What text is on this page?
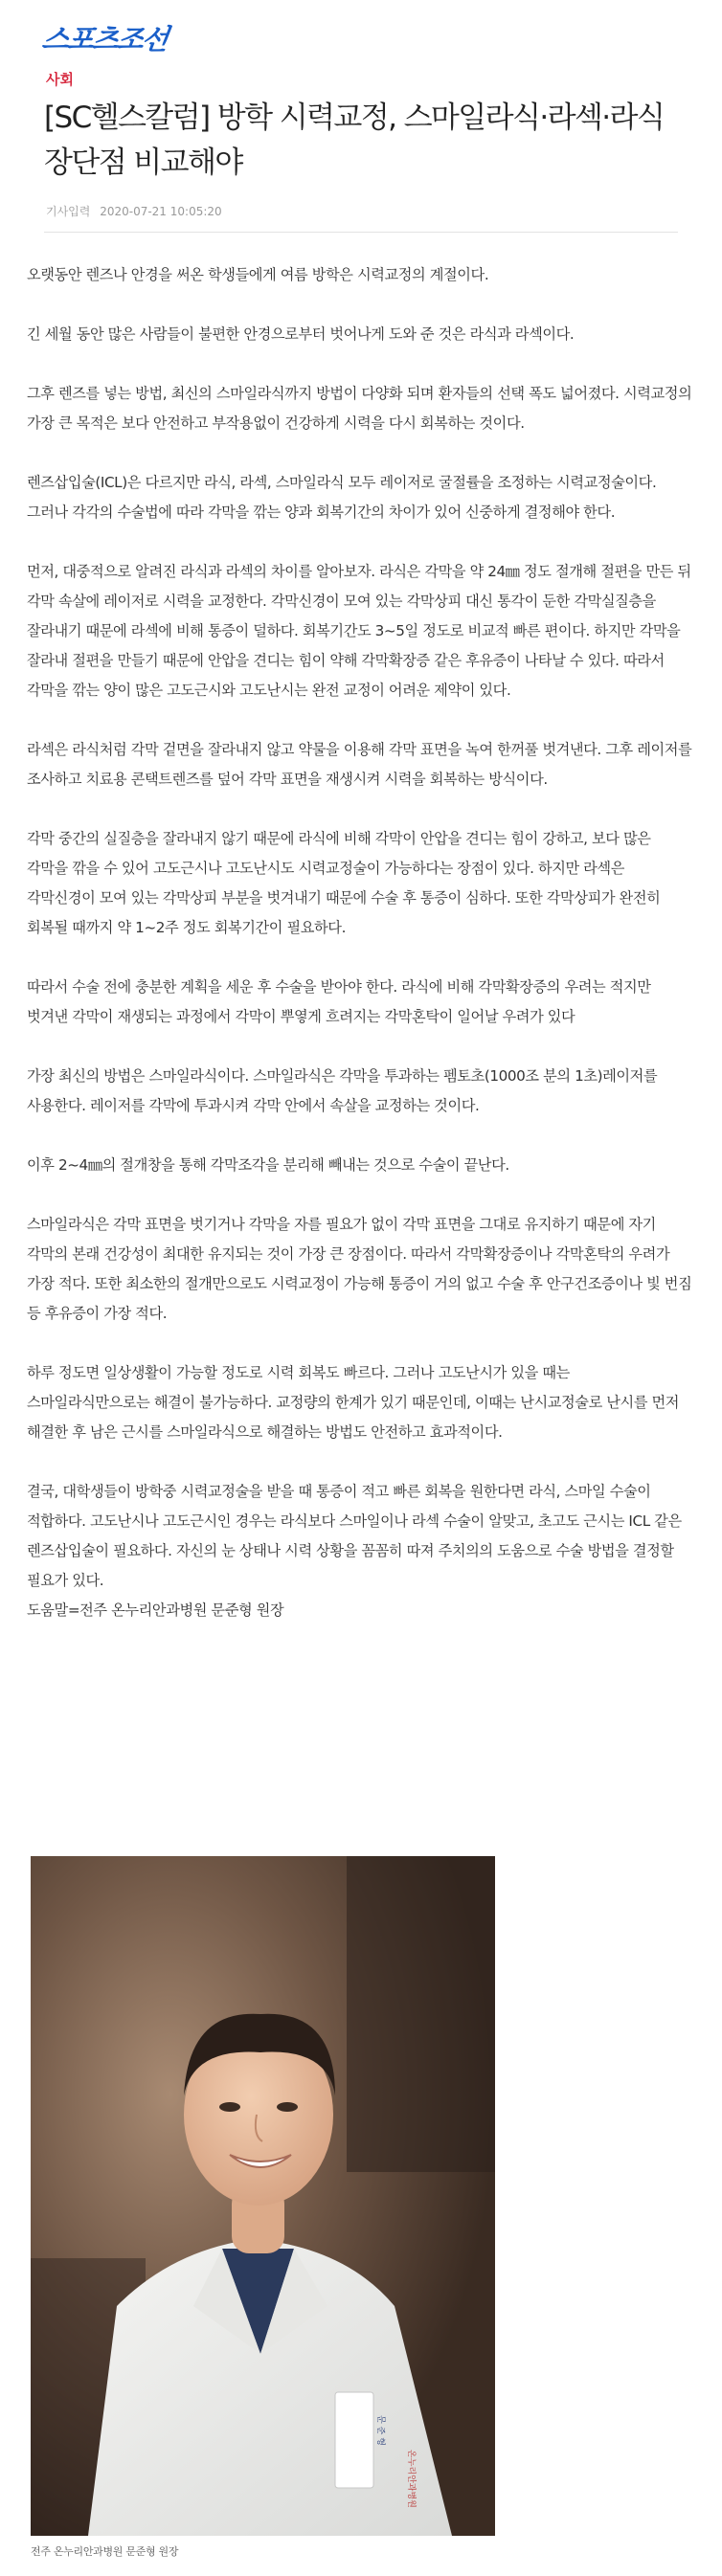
스포츠조선
사회
[SC헬스칼럼] 방학 시력교정, 스마일라식·라섹·라식 장단점 비교해야
기사입력 2020-07-21 10:05:20

오랫동안 렌즈나 안경을 써온 학생들에게 여름 방학은 시력교정의 계절이다.

긴 세월 동안 많은 사람들이 불편한 안경으로부터 벗어나게 도와 준 것은 라식과 라섹이다.

그후 렌즈를 넣는 방법, 최신의 스마일라식까지 방법이 다양화 되며 환자들의 선택 폭도 넓어졌다. 시력교정의 가장 큰 목적은 보다 안전하고 부작용없이 건강하게 시력을 다시 회복하는 것이다.

렌즈삽입술(ICL)은 다르지만 라식, 라섹, 스마일라식 모두 레이저로 굴절률을 조정하는 시력교정술이다.
그러나 각각의 수술법에 따라 각막을 깎는 양과 회복기간의 차이가 있어 신중하게 결정해야 한다.

먼저, 대중적으로 알려진 라식과 라섹의 차이를 알아보자. 라식은 각막을 약 24㎜ 정도 절개해 절편을 만든 뒤 각막 속살에 레이저로 시력을 교정한다. 각막신경이 모여 있는 각막상피 대신 통각이 둔한 각막실질층을 잘라내기 때문에 라섹에 비해 통증이 덜하다. 회복기간도 3~5일 정도로 비교적 빠른 편이다. 하지만 각막을 잘라내 절편을 만들기 때문에 안압을 견디는 힘이 약해 각막확장증 같은 후유증이 나타날 수 있다. 따라서 각막을 깎는 양이 많은 고도근시와 고도난시는 완전 교정이 어려운 제약이 있다.

라섹은 라식처럼 각막 겉면을 잘라내지 않고 약물을 이용해 각막 표면을 녹여 한꺼풀 벗겨낸다. 그후 레이저를 조사하고 치료용 콘택트렌즈를 덮어 각막 표면을 재생시켜 시력을 회복하는 방식이다.

각막 중간의 실질층을 잘라내지 않기 때문에 라식에 비해 각막이 안압을 견디는 힘이 강하고, 보다 많은 각막을 깎을 수 있어 고도근시나 고도난시도 시력교정술이 가능하다는 장점이 있다. 하지만 라섹은 각막신경이 모여 있는 각막상피 부분을 벗겨내기 때문에 수술 후 통증이 심하다. 또한 각막상피가 완전히 회복될 때까지 약 1~2주 정도 회복기간이 필요하다.

따라서 수술 전에 충분한 계획을 세운 후 수술을 받아야 한다. 라식에 비해 각막확장증의 우려는 적지만 벗겨낸 각막이 재생되는 과정에서 각막이 뿌옇게 흐려지는 각막혼탁이 일어날 우려가 있다

가장 최신의 방법은 스마일라식이다. 스마일라식은 각막을 투과하는 펨토초(1000조 분의 1초)레이저를 사용한다. 레이저를 각막에 투과시켜 각막 안에서 속살을 교정하는 것이다.

이후 2~4㎜의 절개창을 통해 각막조각을 분리해 빼내는 것으로 수술이 끝난다.

스마일라식은 각막 표면을 벗기거나 각막을 자를 필요가 없이 각막 표면을 그대로 유지하기 때문에 자기 각막의 본래 건강성이 최대한 유지되는 것이 가장 큰 장점이다. 따라서 각막확장증이나 각막혼탁의 우려가 가장 적다. 또한 최소한의 절개만으로도 시력교정이 가능해 통증이 거의 없고 수술 후 안구건조증이나 빛 번짐 등 후유증이 가장 적다.

하루 정도면 일상생활이 가능할 정도로 시력 회복도 빠르다. 그러나 고도난시가 있을 때는 스마일라식만으로는 해결이 불가능하다. 교정량의 한계가 있기 때문인데, 이때는 난시교정술로 난시를 먼저 해결한 후 남은 근시를 스마일라식으로 해결하는 방법도 안전하고 효과적이다.

결국, 대학생들이 방학중 시력교정술을 받을 때 통증이 적고 빠른 회복을 원한다면 라식, 스마일 수술이 적합하다. 고도난시나 고도근시인 경우는 라식보다 스마일이나 라섹 수술이 알맞고, 초고도 근시는 ICL 같은 렌즈삽입술이 필요하다. 자신의 눈 상태나 시력 상황을 꼼꼼히 따져 주치의의 도움으로 수술 방법을 결정할 필요가 있다.

도움말=전주 온누리안과병원 문준형 원장

문 준 형
온누리안과병원
전주 온누리안과병원 문준형 원장
